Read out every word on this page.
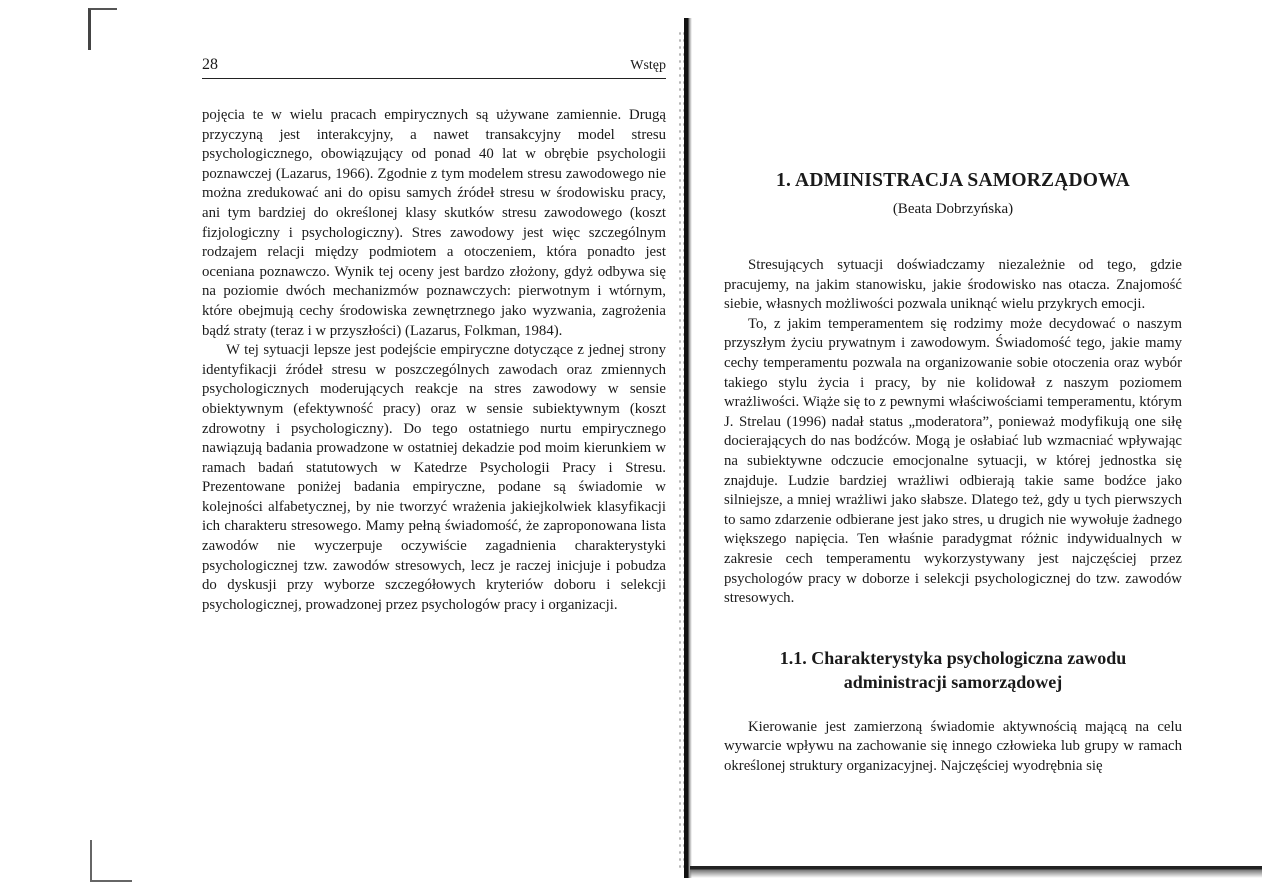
28	Wstęp

pojęcia te w wielu pracach empirycznych są używane zamiennie. Drugą przyczyną jest interakcyjny, a nawet transakcyjny model stresu psychologicznego, obowiązujący od ponad 40 lat w obrębie psychologii poznawczej (Lazarus, 1966). Zgodnie z tym modelem stresu zawodowego nie można zredukować ani do opisu samych źródeł stresu w środowisku pracy, ani tym bardziej do określonej klasy skutków stresu zawodowego (koszt fizjologiczny i psychologiczny). Stres zawodowy jest więc szczególnym rodzajem relacji między podmiotem a otoczeniem, która ponadto jest oceniana poznawczo. Wynik tej oceny jest bardzo złożony, gdyż odbywa się na poziomie dwóch mechanizmów poznawczych: pierwotnym i wtórnym, które obejmują cechy środowiska zewnętrznego jako wyzwania, zagrożenia bądź straty (teraz i w przyszłości) (Lazarus, Folkman, 1984).

W tej sytuacji lepsze jest podejście empiryczne dotyczące z jednej strony identyfikacji źródeł stresu w poszczególnych zawodach oraz zmiennych psychologicznych moderujących reakcje na stres zawodowy w sensie obiektywnym (efektywność pracy) oraz w sensie subiektywnym (koszt zdrowotny i psychologiczny). Do tego ostatniego nurtu empirycznego nawiązują badania prowadzone w ostatniej dekadzie pod moim kierunkiem w ramach badań statutowych w Katedrze Psychologii Pracy i Stresu. Prezentowane poniżej badania empiryczne, podane są świadomie w kolejności alfabetycznej, by nie tworzyć wrażenia jakiejkolwiek klasyfikacji ich charakteru stresowego. Mamy pełną świadomość, że zaproponowana lista zawodów nie wyczerpuje oczywiście zagadnienia charakterystyki psychologicznej tzw. zawodów stresowych, lecz je raczej inicjuje i pobudza do dyskusji przy wyborze szczegółowych kryteriów doboru i selekcji psychologicznej, prowadzonej przez psychologów pracy i organizacji.

1. ADMINISTRACJA SAMORZĄDOWA
(Beata Dobrzyńska)

Stresujących sytuacji doświadczamy niezależnie od tego, gdzie pracujemy, na jakim stanowisku, jakie środowisko nas otacza. Znajomość siebie, własnych możliwości pozwala uniknąć wielu przykrych emocji.

To, z jakim temperamentem się rodzimy może decydować o naszym przyszłym życiu prywatnym i zawodowym. Świadomość tego, jakie mamy cechy temperamentu pozwala na organizowanie sobie otoczenia oraz wybór takiego stylu życia i pracy, by nie kolidował z naszym poziomem wrażliwości. Wiąże się to z pewnymi właściwościami temperamentu, którym J. Strelau (1996) nadał status „moderatora”, ponieważ modyfikują one siłę docierających do nas bodźców. Mogą je osłabiać lub wzmacniać wpływając na subiektywne odczucie emocjonalne sytuacji, w której jednostka się znajduje. Ludzie bardziej wrażliwi odbierają takie same bodźce jako silniejsze, a mniej wrażliwi jako słabsze. Dlatego też, gdy u tych pierwszych to samo zdarzenie odbierane jest jako stres, u drugich nie wywołuje żadnego większego napięcia. Ten właśnie paradygmat różnic indywidualnych w zakresie cech temperamentu wykorzystywany jest najczęściej przez psychologów pracy w doborze i selekcji psychologicznej do tzw. zawodów stresowych.

1.1. Charakterystyka psychologiczna zawodu
administracji samorządowej

Kierowanie jest zamierzoną świadomie aktywnością mającą na celu wywarcie wpływu na zachowanie się innego człowieka lub grupy w ramach określonej struktury organizacyjnej. Najczęściej wyodrębnia się
